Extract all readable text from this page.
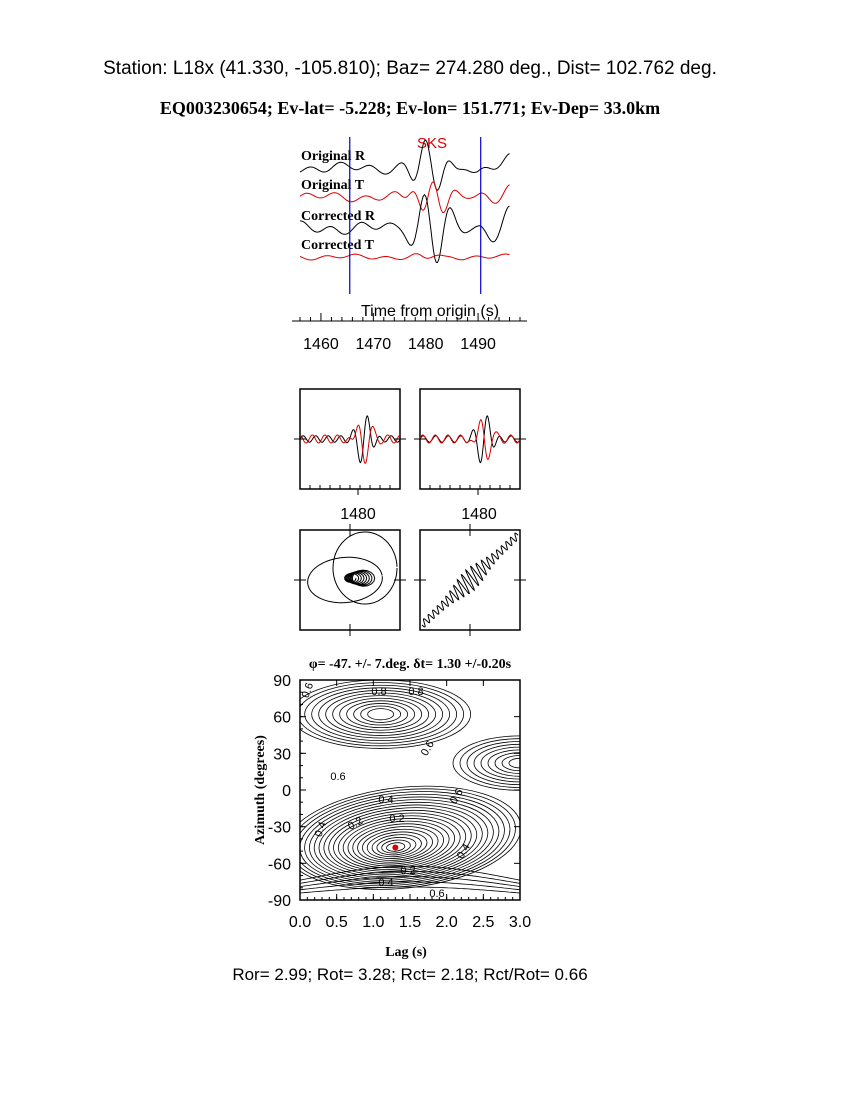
Station: L18x (41.330, -105.810); Baz= 274.280 deg., Dist= 102.762 deg.
EQ003230654; Ev-lat= -5.228; Ev-lon= 151.771; Ev-Dep= 33.0km
SKS
Original R
Original T
Corrected R
Corrected T
Time from origin (s)
1460 1470 1480 1490
1480	1480
φ= -47. +/- 7.deg. δt= 1.30 +/-0.20s
0.6	0.8 0.8
0.6
0.6
0.6
0.4
0.2
0.4
0.2
0.4
0.2
0.4
0.6
0.0 0.5 1.0 1.5 2.0 2.5 3.0
90
60
30
0
-30
-60
-90
Lag (s)
Azimuth (degrees)
Ror= 2.99; Rot= 3.28; Rct= 2.18; Rct/Rot= 0.66
